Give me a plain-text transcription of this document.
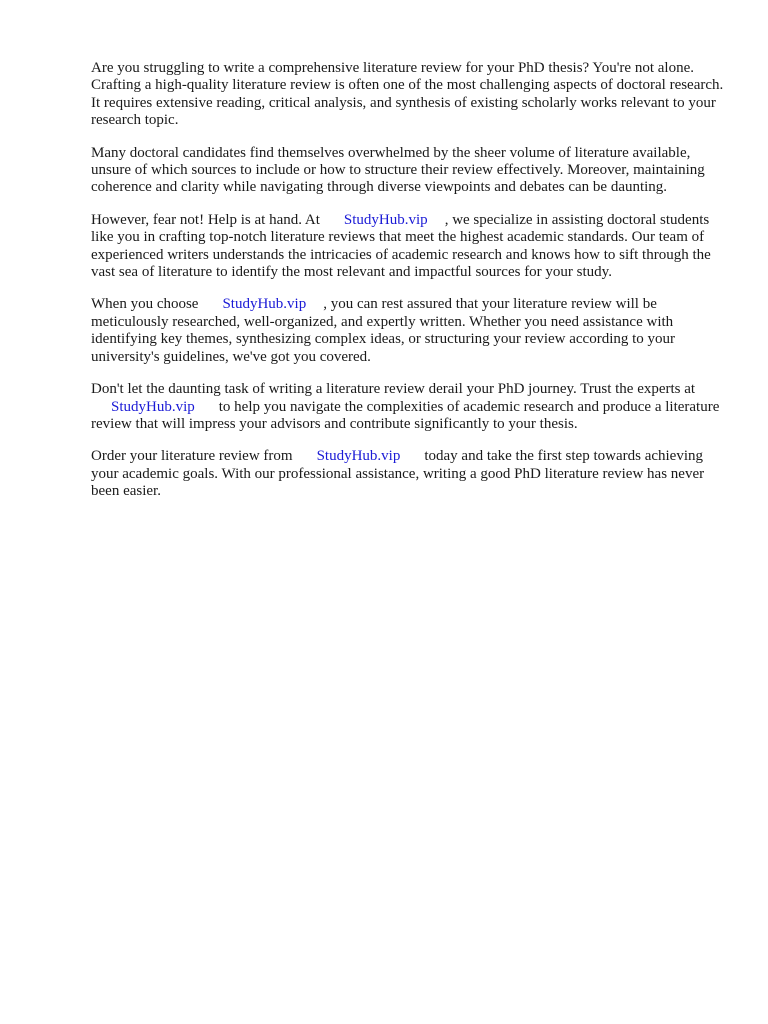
Are you struggling to write a comprehensive literature review for your PhD thesis? You're not alone. Crafting a high-quality literature review is often one of the most challenging aspects of doctoral research. It requires extensive reading, critical analysis, and synthesis of existing scholarly works relevant to your research topic.

Many doctoral candidates find themselves overwhelmed by the sheer volume of literature available, unsure of which sources to include or how to structure their review effectively. Moreover, maintaining coherence and clarity while navigating through diverse viewpoints and debates can be daunting.

However, fear not! Help is at hand. At StudyHub.vip , we specialize in assisting doctoral students like you in crafting top-notch literature reviews that meet the highest academic standards. Our team of experienced writers understands the intricacies of academic research and knows how to sift through the vast sea of literature to identify the most relevant and impactful sources for your study.

When you choose StudyHub.vip , you can rest assured that your literature review will be meticulously researched, well-organized, and expertly written. Whether you need assistance with identifying key themes, synthesizing complex ideas, or structuring your review according to your university's guidelines, we've got you covered.

Don't let the daunting task of writing a literature review derail your PhD journey. Trust the experts at
StudyHub.vip to help you navigate the complexities of academic research and produce a literature review that will impress your advisors and contribute significantly to your thesis.

Order your literature review from StudyHub.vip today and take the first step towards achieving your academic goals. With our professional assistance, writing a good PhD literature review has never been easier.
